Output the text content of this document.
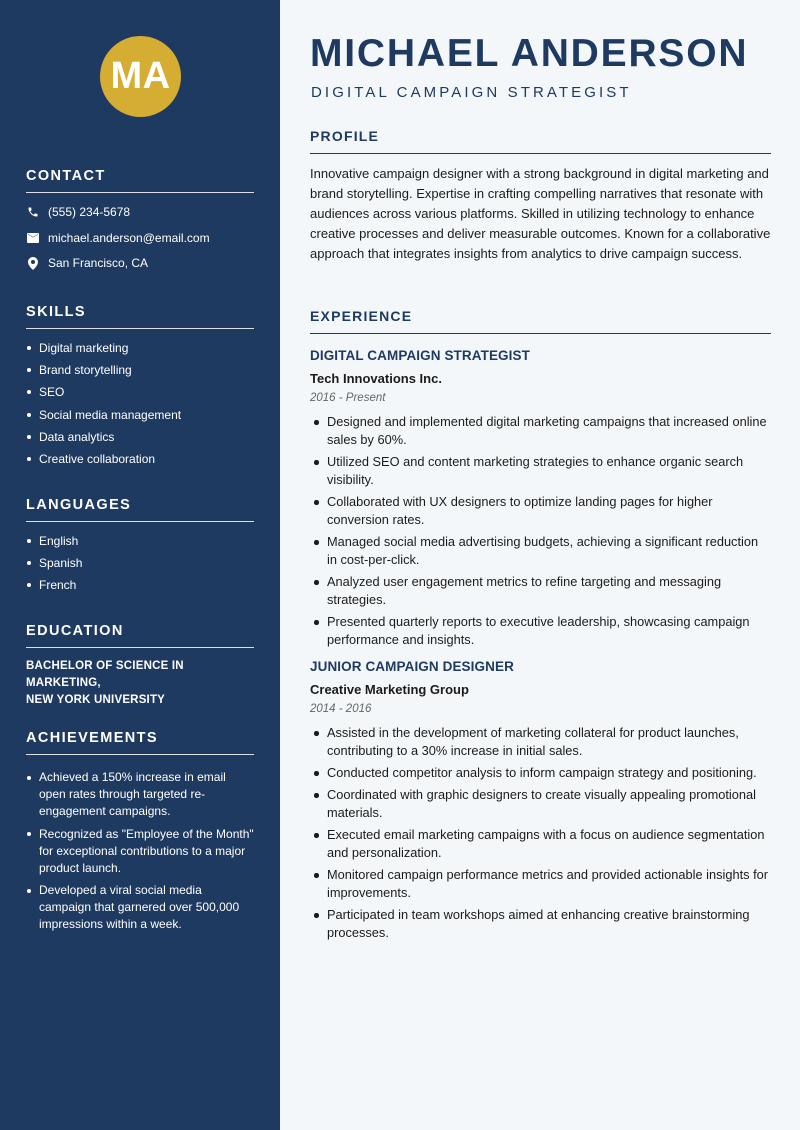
MA
CONTACT
(555) 234-5678
michael.anderson@email.com
San Francisco, CA
SKILLS
Digital marketing
Brand storytelling
SEO
Social media management
Data analytics
Creative collaboration
LANGUAGES
English
Spanish
French
EDUCATION
BACHELOR OF SCIENCE IN MARKETING,
NEW YORK UNIVERSITY
ACHIEVEMENTS
Achieved a 150% increase in email open rates through targeted re-engagement campaigns.
Recognized as "Employee of the Month" for exceptional contributions to a major product launch.
Developed a viral social media campaign that garnered over 500,000 impressions within a week.
MICHAEL ANDERSON
DIGITAL CAMPAIGN STRATEGIST
PROFILE

Innovative campaign designer with a strong background in digital marketing and brand storytelling. Expertise in crafting compelling narratives that resonate with audiences across various platforms. Skilled in utilizing technology to enhance creative processes and deliver measurable outcomes. Known for a collaborative approach that integrates insights from analytics to drive campaign success.

EXPERIENCE
DIGITAL CAMPAIGN STRATEGIST
Tech Innovations Inc.
2016 - Present
Designed and implemented digital marketing campaigns that increased online sales by 60%.
Utilized SEO and content marketing strategies to enhance organic search visibility.
Collaborated with UX designers to optimize landing pages for higher conversion rates.
Managed social media advertising budgets, achieving a significant reduction in cost-per-click.
Analyzed user engagement metrics to refine targeting and messaging strategies.
Presented quarterly reports to executive leadership, showcasing campaign performance and insights.
JUNIOR CAMPAIGN DESIGNER
Creative Marketing Group
2014 - 2016
Assisted in the development of marketing collateral for product launches, contributing to a 30% increase in initial sales.
Conducted competitor analysis to inform campaign strategy and positioning.
Coordinated with graphic designers to create visually appealing promotional materials.
Executed email marketing campaigns with a focus on audience segmentation and personalization.
Monitored campaign performance metrics and provided actionable insights for improvements.
Participated in team workshops aimed at enhancing creative brainstorming processes.
